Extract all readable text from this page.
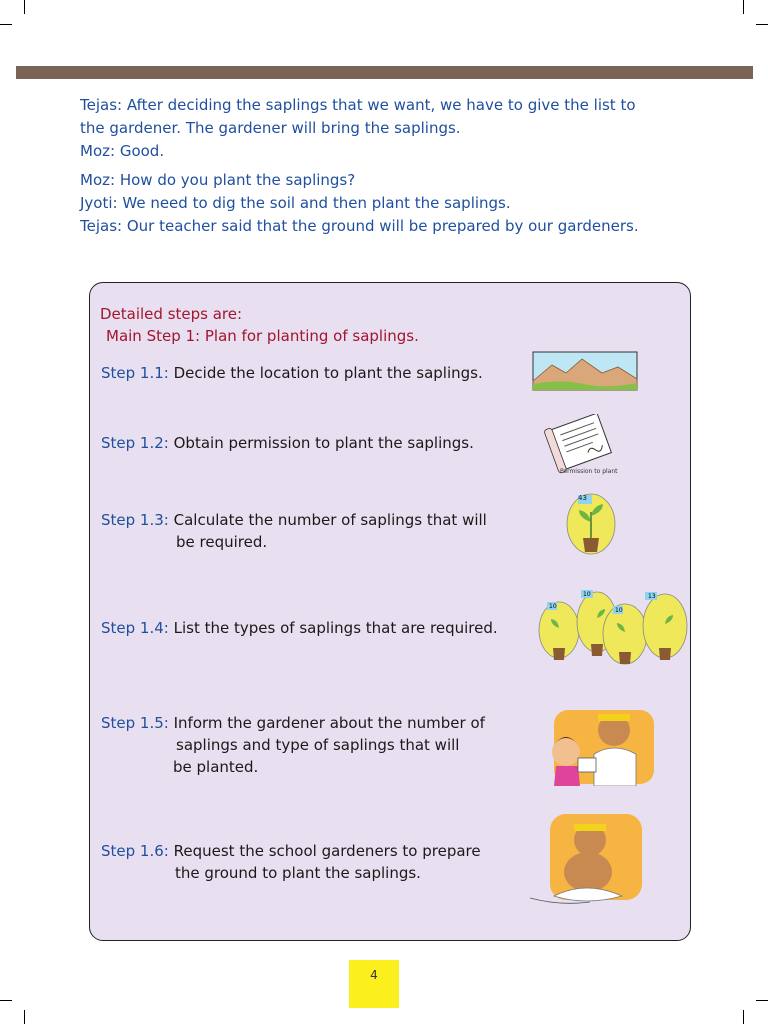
Tejas: After deciding the saplings that we want, we have to give the list to

the gardener. The gardener will bring the saplings.

Moz: Good.

Moz: How do you plant the saplings?

Jyoti: We need to dig the soil and then plant the saplings.

Tejas: Our teacher said that the ground will be prepared by our gardeners.

Detailed steps are:
Main Step 1: Plan for planting of saplings.
Step 1.1: Decide the location to plant the saplings.
Step 1.2: Obtain permission to plant the saplings.
Step 1.3: Calculate the number of saplings that will
be required.
Step 1.4: List the types of saplings that are required.
Step 1.5: Inform the gardener about the number of
saplings and type of saplings that will
be planted.
Step 1.6: Request the school gardeners to prepare
the ground to plant the saplings.
Permission to plant
43
10
10
10
13
4
